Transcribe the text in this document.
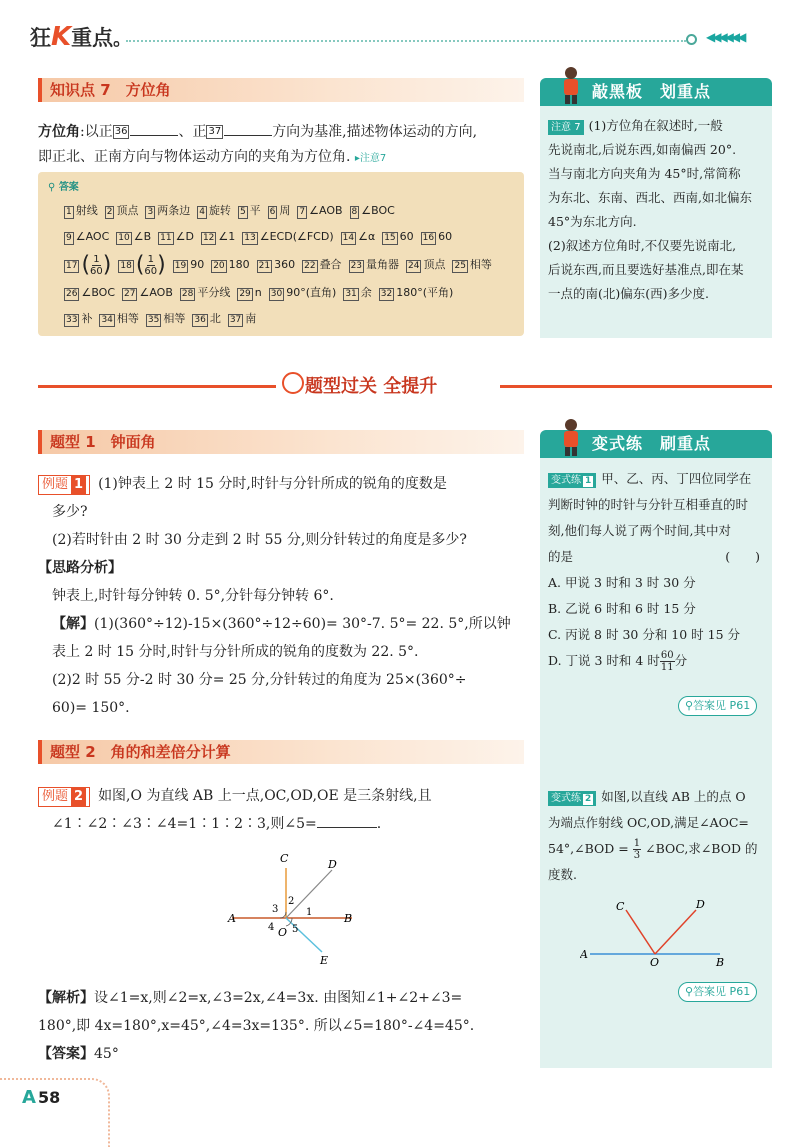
狂K重点。	◀◀◀◀◀◀
知识点 7　方位角
方位角:以正 36	、正 37	方向为基准,描述物体运动的方向,
即正北、正南方向与物体运动方向的夹角为方位角. ▸注意7
⚲ 答案
1 射线 2 顶点 3 两条边 4 旋转 5 平 6 周 7 ∠AOB 8 ∠BOC
9 ∠AOC 10 ∠B 11 ∠D 12 ∠1 13 ∠ECD(∠FCD) 14 ∠α 15 60 16 60
17 ( $\frac{1}{60}$ ) 18 ( $\frac{1}{60}$ ) 19 90 20 180 21 360 22 叠合 23 量角器 24 顶点 25 相等
26 ∠BOC 27 ∠AOB 28 平分线 29 n 30 90°(直角) 31 余 32 180°(平角)
33 补 34 相等 35 相等 36 北 37 南
敲黑板　划重点
注意 7 (1)方位角在叙述时,一般
先说南北,后说东西,如南偏西 20°.
当与南北方向夹角为 45°时,常简称
为东北、东南、西北、西南,如北偏东
45°为东北方向.
(2)叙述方位角时,不仅要先说南北,
后说东西,而且要选好基准点,即在某
一点的南(北)偏东(西)多少度.
题型过关 全提升
题型 1　钟面角
例题 1 (1)钟表上 2 时 15 分时,时针与分针所成的锐角的度数是
多少?
(2)若时针由 2 时 30 分走到 2 时 55 分,则分针转过的角度是多少?
【思路分析】
钟表上,时针每分钟转 0. 5°,分针每分钟转 6°.
【解】(1)(360°÷12)-15×(360°÷12÷60)= 30°-7. 5°= 22. 5°,所以钟
表上 2 时 15 分时,时针与分针所成的锐角的度数为 22. 5°.
(2)2 时 55 分-2 时 30 分= 25 分,分针转过的角度为 25×(360°÷
60)= 150°.
变式练　刷重点
变式练 1 甲、乙、丙、丁四位同学在
判断时钟的时针与分针互相垂直的时
刻,他们每人说了两个时间,其中对
的是	(　　)

A. 甲说 3 时和 3 时 30 分
B. 乙说 6 时和 6 时 15 分
C. 丙说 8 时 30 分和 10 时 15 分
D. 丁说 3 时和 4 时 $\frac{60}{11}$ 分
⚲答案见 P61
变式练 2 如图,以直线 AB 上的点 O
为端点作射线 OC,OD,满足∠AOC=
54°,∠BOD = $\frac{1}{3}$ ∠BOC,求∠BOD 的
度数.
A
B
C	D
O
⚲答案见 P61
题型 2　角的和差倍分计算
例题 2 如图,O 为直线 AB 上一点,OC,OD,OE 是三条射线,且
∠1∶∠2∶∠3∶∠4=1∶1∶2∶3,则∠5=	.
A	B
C	D
E
O
1
2
3
4 5
【解析】设∠1=x,则∠2=x,∠3=2x,∠4=3x. 由图知∠1+∠2+∠3=
180°,即 4x=180°,x=45°,∠4=3x=135°. 所以∠5=180°-∠4=45°.
【答案】45°
A 58
